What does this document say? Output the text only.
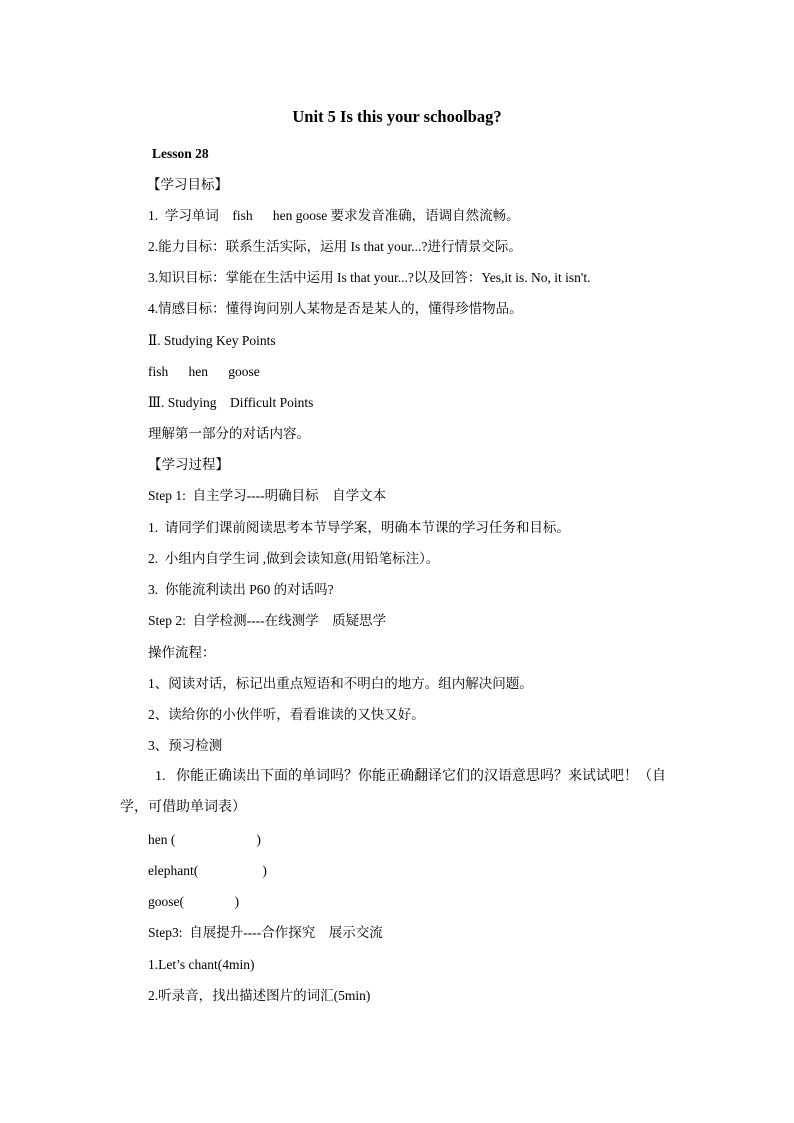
Unit 5 Is this your schoolbag?
Lesson 28
【学习目标】
1.  学习单词    fish      hen goose 要求发音准确，语调自然流畅。
2.能力目标：联系生活实际，运用 Is that your...?进行情景交际。
3.知识目标：掌能在生活中运用 Is that your...?以及回答：Yes,it is. No, it isn't.
4.情感目标：懂得询问别人某物是否是某人的，懂得珍惜物品。
Ⅱ. Studying Key Points
fish      hen      goose
Ⅲ. Studying    Difficult Points
理解第一部分的对话内容。
【学习过程】
Step 1:  自主学习----明确目标    自学文本
1.  请同学们课前阅读思考本节导学案，明确本节课的学习任务和目标。
2.  小组内自学生词 ,做到会读知意(用铅笔标注）。
3.  你能流利读出 P60 的对话吗?
Step 2:  自学检测----在线测学    质疑思学
操作流程：
1、阅读对话，标记出重点短语和不明白的地方。组内解决问题。
2、读给你的小伙伴听，看看谁读的又快又好。
3、预习检测
1.   你能正确读出下面的单词吗？你能正确翻译它们的汉语意思吗？来试试吧！（自
学，可借助单词表）
hen (                        )
elephant(                   )
goose(               )
Step3:  自展提升----合作探究    展示交流
1.Let’s chant(4min)
2.听录音，找出描述图片的词汇(5min)
